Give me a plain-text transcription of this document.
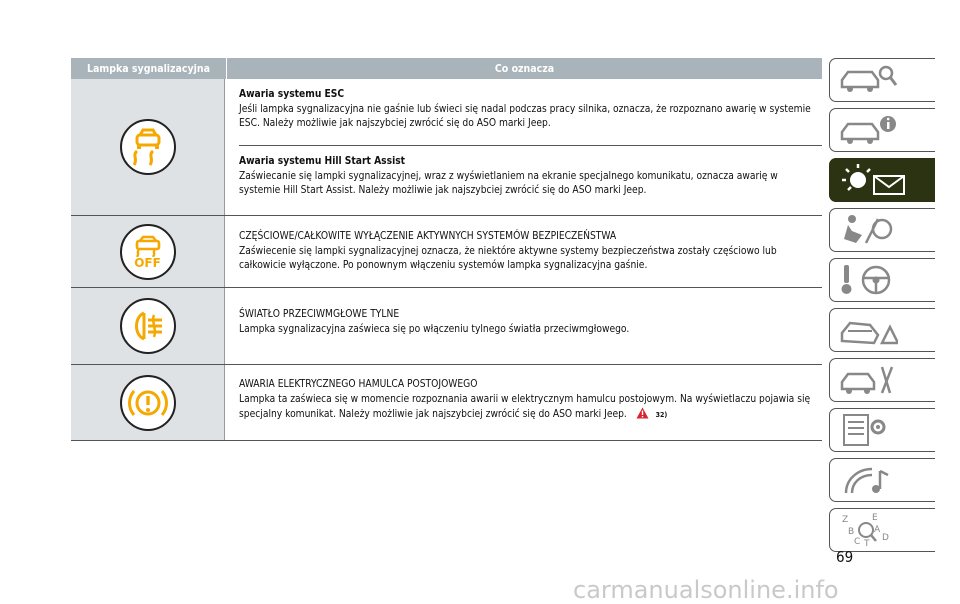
Lampka sygnalizacyjna	Co oznacza
Awaria systemu ESC
Jeśli lampka sygnalizacyjna nie gaśnie lub świeci się nadal podczas pracy silnika, oznacza, że rozpoznano awarię w systemie ESC. Należy możliwie jak najszybciej zwrócić się do ASO marki Jeep.
Awaria systemu Hill Start Assist
Zaświecanie się lampki sygnalizacyjnej, wraz z wyświetlaniem na ekranie specjalnego komunikatu, oznacza awarię w systemie Hill Start Assist. Należy możliwie jak najszybciej zwrócić się do ASO marki Jeep.
OFF
CZĘŚCIOWE/CAŁKOWITE WYŁĄCZENIE AKTYWNYCH SYSTEMÓW BEZPIECZEŃSTWA
Zaświecenie się lampki sygnalizacyjnej oznacza, że niektóre aktywne systemy bezpieczeństwa zostały częściowo lub całkowicie wyłączone. Po ponownym włączeniu systemów lampka sygnalizacyjna gaśnie.
ŚWIATŁO PRZECIWMGŁOWE TYLNE
Lampka sygnalizacyjna zaświeca się po włączeniu tylnego światła przeciwmgłowego.
AWARIA ELEKTRYCZNEGO HAMULCA POSTOJOWEGO
Lampka ta zaświeca się w momencie rozpoznania awarii w elektrycznym hamulcu postojowym. Na wyświetlaczu pojawia się specjalny komunikat. Należy możliwie jak najszybciej zwrócić się do ASO marki Jeep.	32)
Z	E
A
B
C T
D
69
carmanualsonline.info
